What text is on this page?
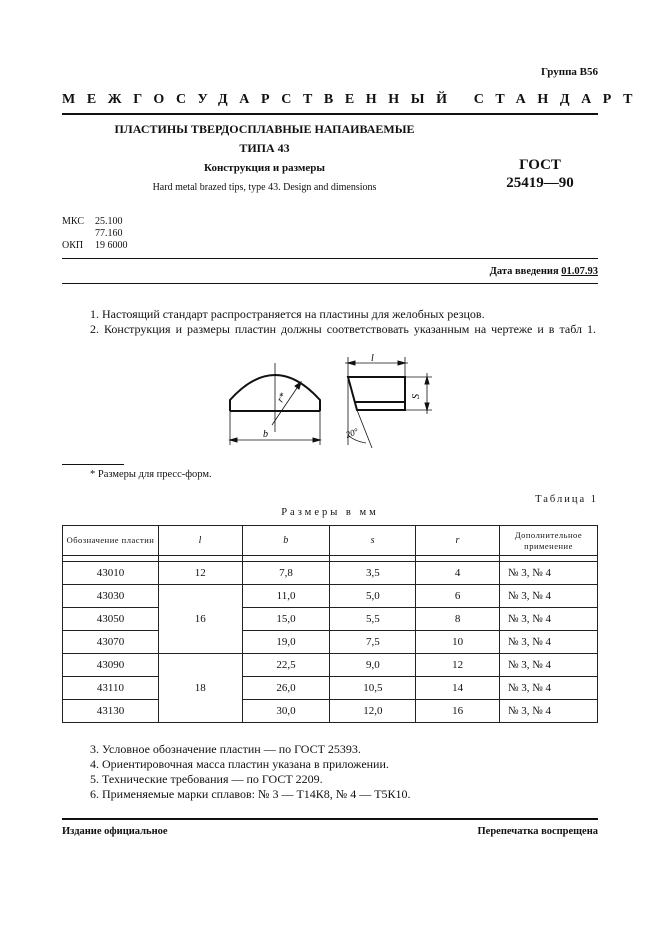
Группа В56
МЕЖГОСУДАРСТВЕННЫЙ СТАНДАРТ
ПЛАСТИНЫ ТВЕРДОСПЛАВНЫЕ НАПАИВАЕМЫЕ
ТИПА 43
Конструкция и размеры
Hard metal brazed tips, type 43. Design and dimensions
ГОСТ
25419—90
МКС 25.100
77.160
ОКП 19 6000
Дата введения 01.07.93
1. Настоящий стандарт распространяется на пластины для желобных резцов.
2. Конструкция и размеры пластин должны соответствовать указанным на чертеже и в табл 1.
r*
b
l
S
20°
* Размеры для пресс-форм.
Таблица 1
Размеры в мм
Обозначение пластин	l	b	s	r	Дополнительное применение

43010	12	7,8	3,5	4	№ 3, № 4
43030	16	11,0	5,0	6	№ 3, № 4
43050		15,0	5,5	8	№ 3, № 4
43070		19,0	7,5	10	№ 3, № 4
43090	18	22,5	9,0	12	№ 3, № 4
43110		26,0	10,5	14	№ 3, № 4
43130		30,0	12,0	16	№ 3, № 4
3. Условное обозначение пластин — по ГОСТ 25393.
4. Ориентировочная масса пластин указана в приложении.
5. Технические требования — по ГОСТ 2209.
6. Применяемые марки сплавов: № 3 — Т14К8, № 4 — Т5К10.
Издание официальное	Перепечатка воспрещена
